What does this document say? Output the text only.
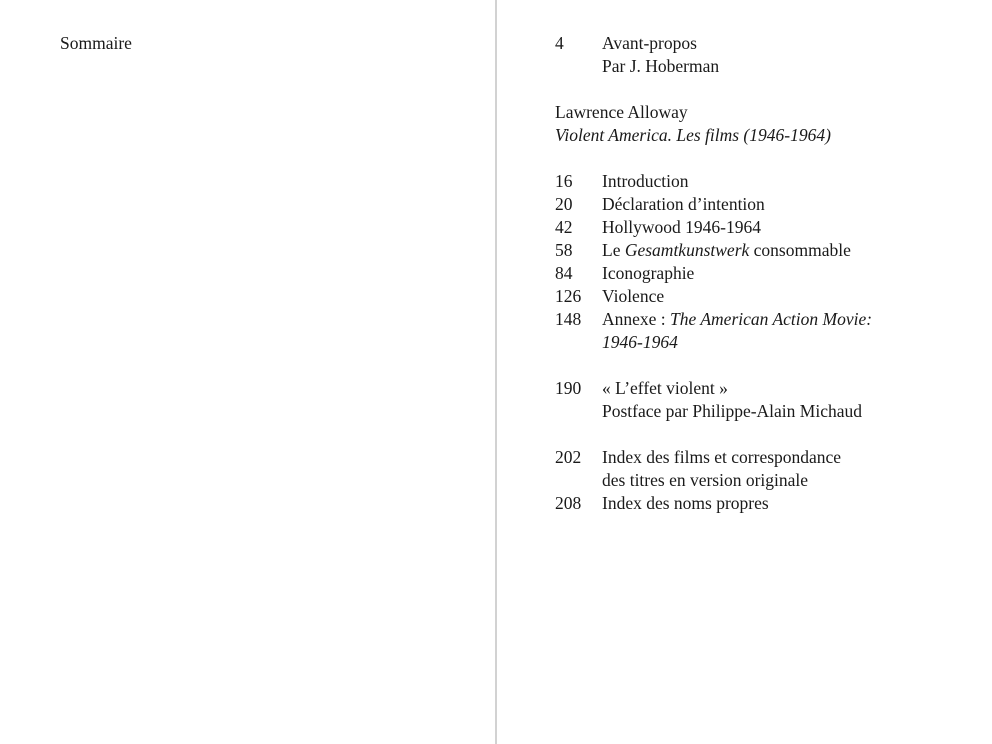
Sommaire	4	Avant-propos
Par J. Hoberman
Lawrence Alloway
Violent America. Les films (1946-1964)
16	Introduction
20	Déclaration d’intention
42	Hollywood 1946-1964
58	Le Gesamtkunstwerk consommable
84	Iconographie
126	Violence
148	Annexe : The American Action Movie:
1946-1964
190	« L’effet violent »
Postface par Philippe-Alain Michaud
202	Index des films et correspondance
des titres en version originale
208	Index des noms propres
